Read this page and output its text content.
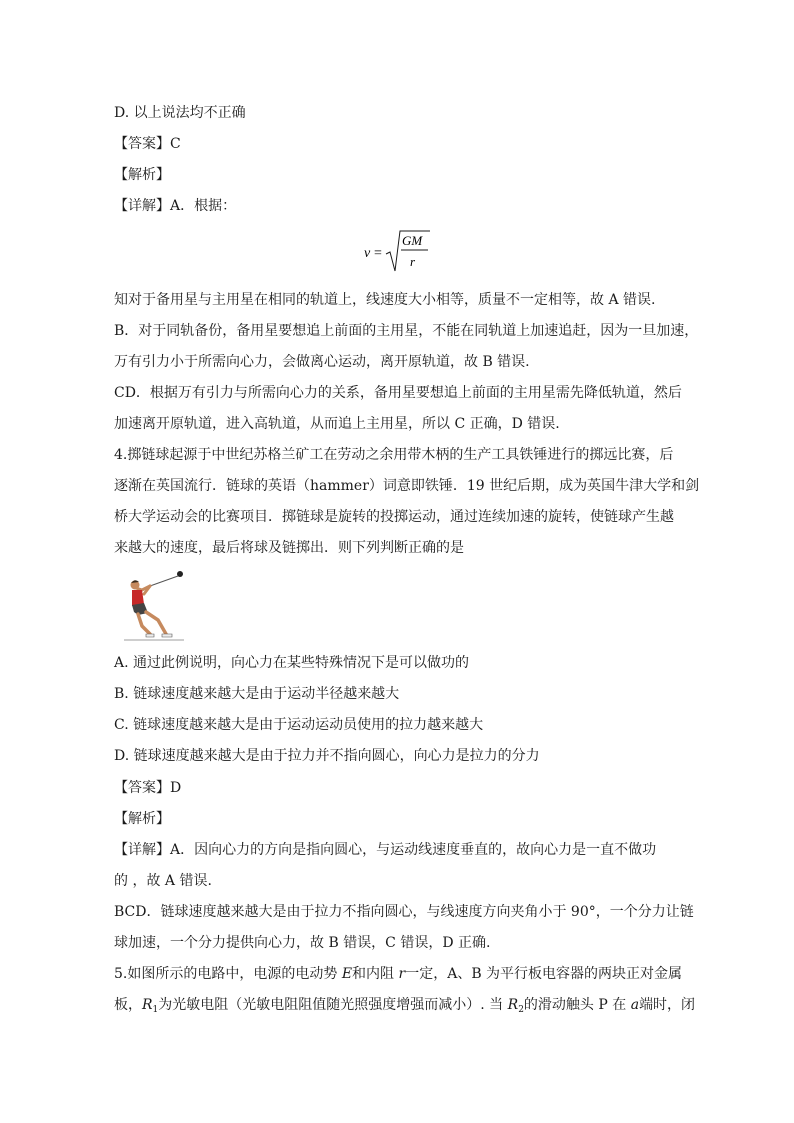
D. 以上说法均不正确
【答案】C
【解析】
【详解】A．根据：
v =
GM
r
知对于备用星与主用星在相同的轨道上，线速度大小相等，质量不一定相等，故 A 错误.
B．对于同轨备份，备用星要想追上前面的主用星，不能在同轨道上加速追赶，因为一旦加速，
万有引力小于所需向心力，会做离心运动，离开原轨道，故 B 错误.
CD．根据万有引力与所需向心力的关系，备用星要想追上前面的主用星需先降低轨道，然后
加速离开原轨道，进入高轨道，从而追上主用星，所以 C 正确，D 错误.
4.掷链球起源于中世纪苏格兰矿工在劳动之余用带木柄的生产工具铁锤进行的掷远比赛，后
逐渐在英国流行．链球的英语（hammer）词意即铁锤．19 世纪后期，成为英国牛津大学和剑
桥大学运动会的比赛项目．掷链球是旋转的投掷运动，通过连续加速的旋转，使链球产生越
来越大的速度，最后将球及链掷出．则下列判断正确的是
A. 通过此例说明，向心力在某些特殊情况下是可以做功的
B. 链球速度越来越大是由于运动半径越来越大
C. 链球速度越来越大是由于运动运动员使用的拉力越来越大
D. 链球速度越来越大是由于拉力并不指向圆心，向心力是拉力的分力
【答案】D
【解析】
【详解】A．因向心力的方向是指向圆心，与运动线速度垂直的，故向心力是一直不做功
的 ，故 A 错误.
BCD．链球速度越来越大是由于拉力不指向圆心，与线速度方向夹角小于 90°，一个分力让链
球加速，一个分力提供向心力，故 B 错误，C 错误，D 正确.
5.如图所示的电路中，电源的电动势 E和内阻 r一定，A、B 为平行板电容器的两块正对金属
板，$R_1$为光敏电阻（光敏电阻阻值随光照强度增强而减小）. 当 $R_2$的滑动触头 P 在 a端时，闭
